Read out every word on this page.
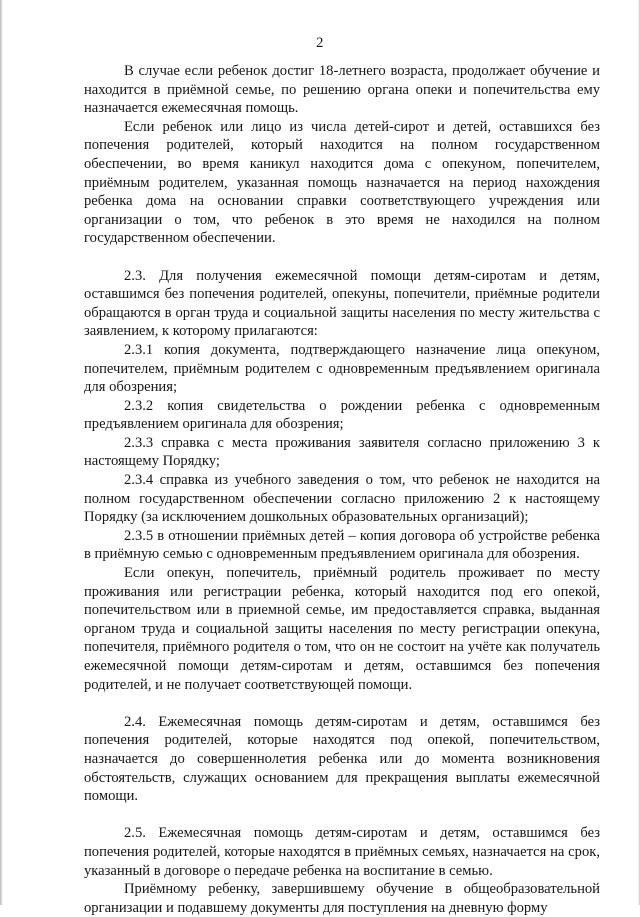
2

В случае если ребенок достиг 18-летнего возраста, продолжает обучение и находится в приёмной семье, по решению органа опеки и попечительства ему назначается ежемесячная помощь.

Если ребенок или лицо из числа детей-сирот и детей, оставшихся без попечения родителей, который находится на полном государственном обеспечении, во время каникул находится дома с опекуном, попечителем, приёмным родителем, указанная помощь назначается на период нахождения ребенка дома на основании справки соответствующего учреждения или организации о том, что ребенок в это время не находился на полном государственном обеспечении.

2.3. Для получения ежемесячной помощи детям-сиротам и детям, оставшимся без попечения родителей, опекуны, попечители, приёмные родители обращаются в орган труда и социальной защиты населения по месту жительства с заявлением, к которому прилагаются:

2.3.1 копия документа, подтверждающего назначение лица опекуном, попечителем, приёмным родителем с одновременным предъявлением оригинала для обозрения;

2.3.2 копия свидетельства о рождении ребенка с одновременным предъявлением оригинала для обозрения;

2.3.3 справка с места проживания заявителя согласно приложению 3 к настоящему Порядку;

2.3.4 справка из учебного заведения о том, что ребенок не находится на полном государственном обеспечении согласно приложению 2 к настоящему Порядку (за исключением дошкольных образовательных организаций);

2.3.5 в отношении приёмных детей – копия договора об устройстве ребенка в приёмную семью с одновременным предъявлением оригинала для обозрения.

Если опекун, попечитель, приёмный родитель проживает по месту проживания или регистрации ребенка, который находится под его опекой, попечительством или в приемной семье, им предоставляется справка, выданная органом труда и социальной защиты населения по месту регистрации опекуна, попечителя, приёмного родителя о том, что он не состоит на учёте как получатель ежемесячной помощи детям-сиротам и детям, оставшимся без попечения родителей, и не получает соответствующей помощи.

2.4. Ежемесячная помощь детям-сиротам и детям, оставшимся без попечения родителей, которые находятся под опекой, попечительством, назначается до совершеннолетия ребенка или до момента возникновения обстоятельств, служащих основанием для прекращения выплаты ежемесячной помощи.

2.5. Ежемесячная помощь детям-сиротам и детям, оставшимся без попечения родителей, которые находятся в приёмных семьях, назначается на срок, указанный в договоре о передаче ребенка на воспитание в семью.

Приёмному ребенку, завершившему обучение в общеобразовательной организации и подавшему документы для поступления на дневную форму
